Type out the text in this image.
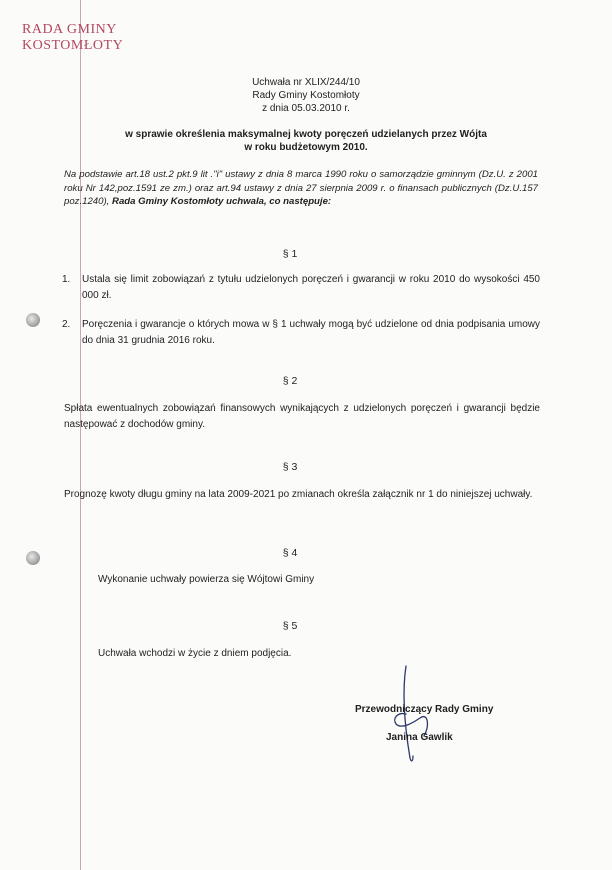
RADA GMINY
KOSTOMŁOTY
Uchwała nr XLIX/244/10
Rady Gminy Kostomłoty
z dnia 05.03.2010 r.
w sprawie określenia maksymalnej kwoty poręczeń udzielanych przez Wójta
w roku budżetowym 2010.
Na podstawie art.18 ust.2 pkt.9 lit ."i" ustawy z dnia 8 marca 1990 roku o samorządzie gminnym (Dz.U. z 2001 roku Nr 142,poz.1591 ze zm.) oraz art.94 ustawy z dnia 27 sierpnia 2009 r. o finansach publicznych (Dz.U.157 poz.1240), Rada Gminy Kostomłoty uchwala, co następuje:
§ 1
1. Ustala się limit zobowiązań z tytułu udzielonych poręczeń i gwarancji w roku 2010 do wysokości 450 000 zł.
2. Poręczenia i gwarancje o których mowa w § 1 uchwały mogą być udzielone od dnia podpisania umowy do dnia 31 grudnia 2016 roku.
§ 2
Spłata ewentualnych zobowiązań finansowych wynikających z udzielonych poręczeń i gwarancji będzie następować z dochodów gminy.
§ 3
Prognozę kwoty długu gminy na lata 2009-2021 po zmianach określa załącznik nr 1 do niniejszej uchwały.
§ 4
Wykonanie uchwały powierza się Wójtowi Gminy
§ 5
Uchwała wchodzi w życie z dniem podjęcia.
Przewodniczący Rady Gminy
Janina Gawlik
